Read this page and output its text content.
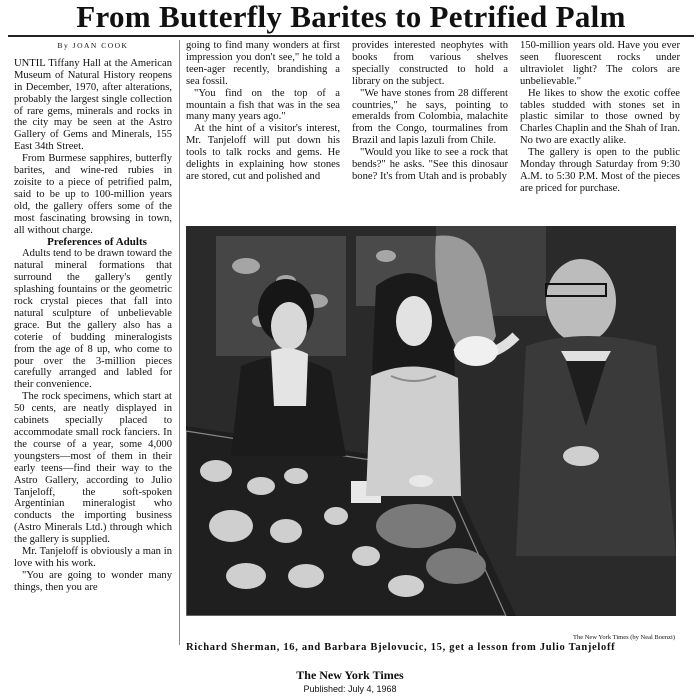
From Butterfly Barites to Petrified Palm
By JOAN COOK

UNTIL Tiffany Hall at the American Museum of Natural History reopens in December, 1970, after alterations, probably the largest single collection of rare gems, minerals and rocks in the city may be seen at the Astro Gallery of Gems and Minerals, 155 East 34th Street.

From Burmese sapphires, butterfly barites, and wine-red rubies in zoisite to a piece of petrified palm, said to be up to 100-million years old, the gallery offers some of the most fascinating browsing in town, all without charge.

Preferences of Adults

Adults tend to be drawn toward the natural mineral formations that surround the gallery's gently splashing fountains or the geometric rock crystal pieces that fall into natural sculpture of unbelievable grace. But the gallery also has a coterie of budding mineralogists from the age of 8 up, who come to pour over the 3-million pieces carefully arranged and labled for their convenience.

The rock specimens, which start at 50 cents, are neatly displayed in cabinets specially placed to accommodate small rock fanciers. In the course of a year, some 4,000 youngsters—most of them in their early teens—find their way to the Astro Gallery, according to Julio Tanjeloff, the soft-spoken Argentinian mineralogist who conducts the importing business (Astro Minerals Ltd.) through which the gallery is supplied.

Mr. Tanjeloff is obviously a man in love with his work.

"You are going to wonder many things, then you are

going to find many wonders at first impression you don't see," he told a teen-ager recently, brandishing a sea fossil.

"You find on the top of a mountain a fish that was in the sea many many years ago."

At the hint of a visitor's interest, Mr. Tanjeloff will put down his tools to talk rocks and gems. He delights in explaining how stones are stored, cut and polished and

provides interested neophytes with books from various shelves specially constructed to hold a library on the subject.

"We have stones from 28 different countries," he says, pointing to emeralds from Colombia, malachite from the Congo, tourmalines from Brazil and lapis lazuli from Chile.

"Would you like to see a rock that bends?" he asks. "See this dinosaur bone? It's from Utah and is probably

150-million years old. Have you ever seen fluorescent rocks under ultraviolet light? The colors are unbelievable."

He likes to show the exotic coffee tables studded with stones set in plastic similar to those owned by Charles Chaplin and the Shah of Iran. No two are exactly alike.

The gallery is open to the public Monday through Saturday from 9:30 A.M. to 5:30 P.M. Most of the pieces are priced for purchase.

The New York Times (by Neal Boenzi)
Richard Sherman, 16, and Barbara Bjelovucic, 15, get a lesson from Julio Tanjeloff
The New York Times
Published: July 4, 1968
